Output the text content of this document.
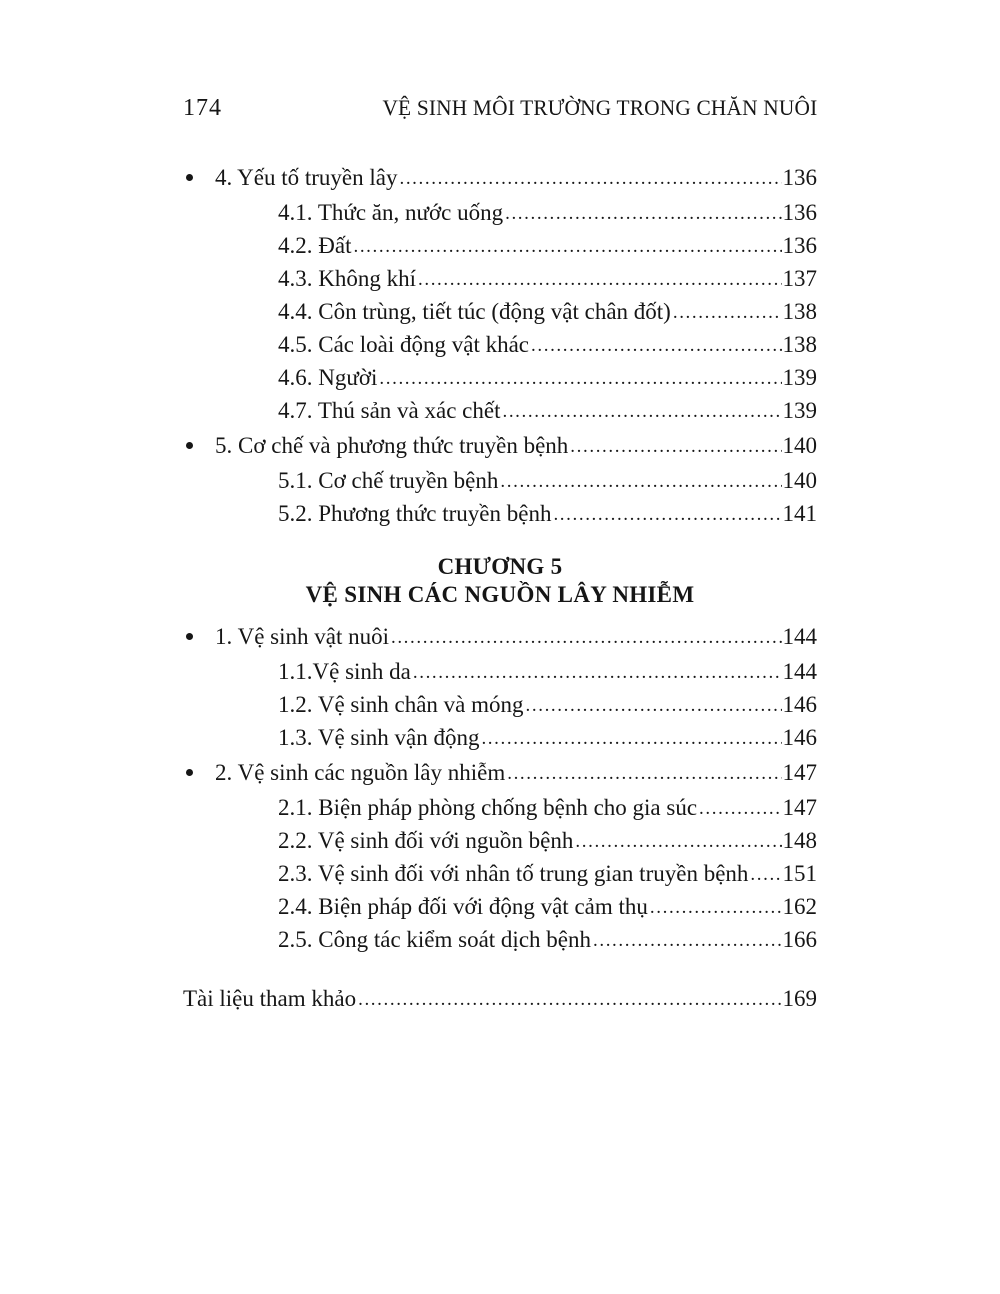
174	VỆ SINH MÔI TRƯỜNG TRONG CHĂN NUÔI
4. Yếu tố truyền lây .....	136
4.1. Thức ăn, nước uống .....	136
4.2. Đất .....	136
4.3. Không khí .....	137
4.4. Côn trùng, tiết túc (động vật chân đốt) .....	138
4.5. Các loài động vật khác .....	138
4.6. Người .....	139
4.7. Thú sản và xác chết .....	139
5. Cơ chế và phương thức truyền bệnh .....	140
5.1. Cơ chế truyền bệnh .....	140
5.2. Phương thức truyền bệnh .....	141
CHƯƠNG 5
VỆ SINH CÁC NGUỒN LÂY NHIỄM
1. Vệ sinh vật nuôi .....	144
1.1.Vệ sinh da .....	144
1.2. Vệ sinh chân và móng .....	146
1.3. Vệ sinh vận động .....	146
2. Vệ sinh các nguồn lây nhiễm .....	147
2.1. Biện pháp phòng chống bệnh cho gia súc .....	147
2.2. Vệ sinh đối với nguồn bệnh .....	148
2.3. Vệ sinh đối với nhân tố trung gian truyền bệnh ..... 151
2.4. Biện pháp đối với động vật cảm thụ .....	162
2.5. Công tác kiểm soát dịch bệnh .....	166
Tài liệu tham khảo .....	169
